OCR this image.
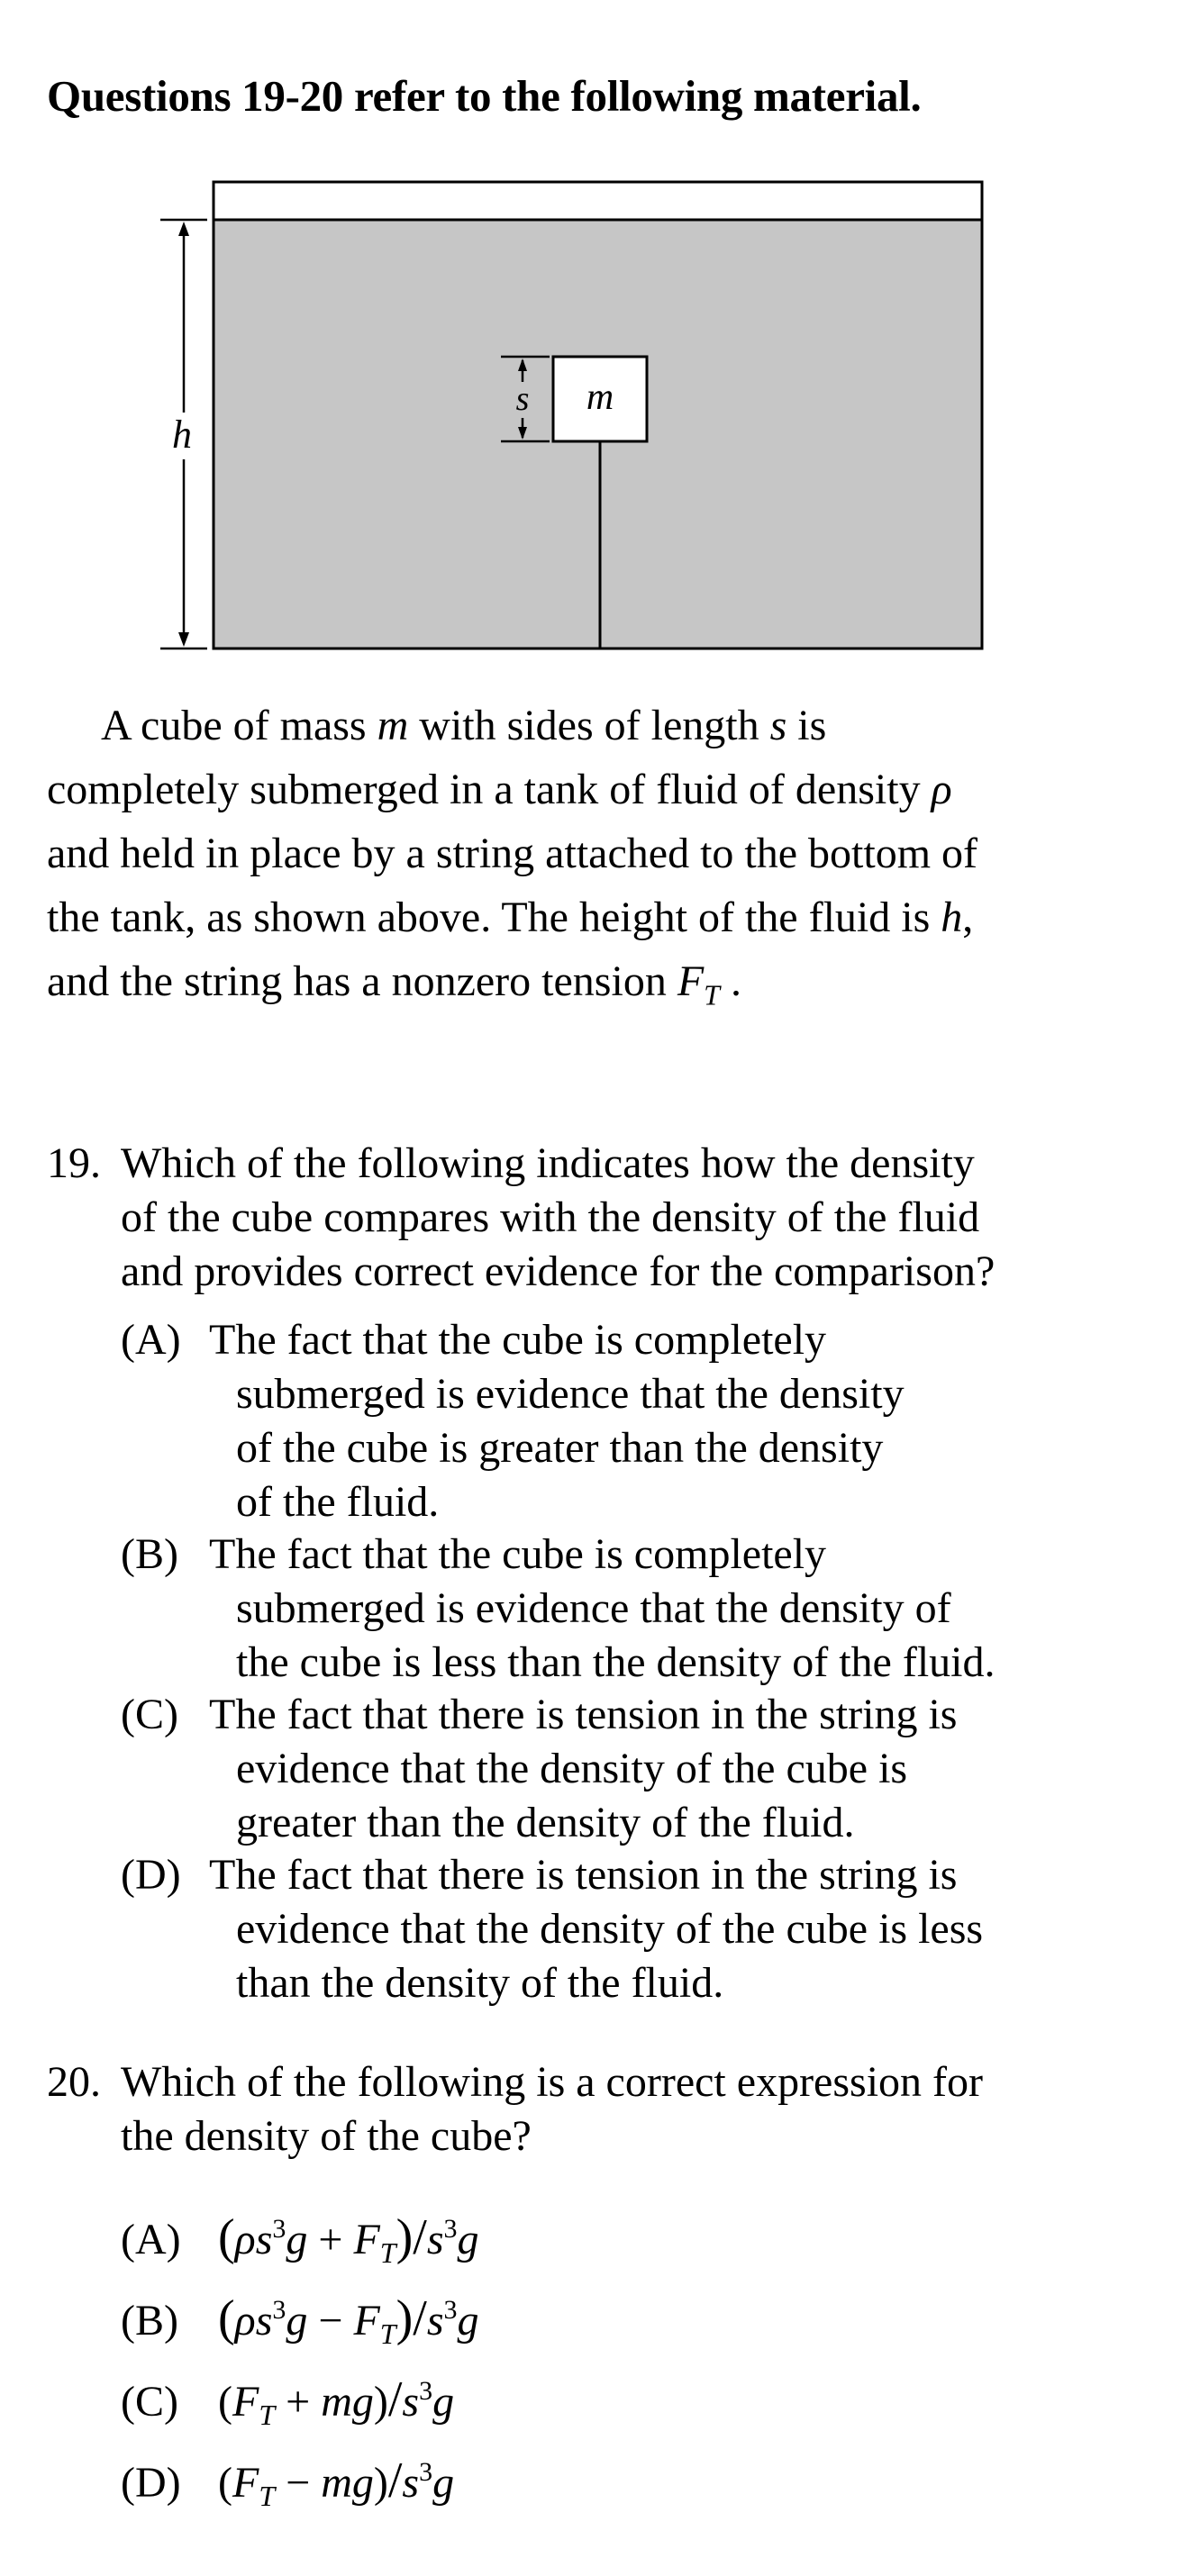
Questions 19-20 refer to the following material.
h
m
s
A cube of mass m with sides of length s is
completely submerged in a tank of fluid of density ρ
and held in place by a string attached to the bottom of
the tank, as shown above. The height of the fluid is h,
and the string has a nonzero tension $F_T$ .
19. Which of the following indicates how the density
of the cube compares with the density of the fluid
and provides correct evidence for the comparison?
(A) The fact that the cube is completely
submerged is evidence that the density
of the cube is greater than the density
of the fluid.
(B) The fact that the cube is completely
submerged is evidence that the density of
the cube is less than the density of the fluid.
(C) The fact that there is tension in the string is
evidence that the density of the cube is
greater than the density of the fluid.
(D) The fact that there is tension in the string is
evidence that the density of the cube is less
than the density of the fluid.
20. Which of the following is a correct expression for
the density of the cube?
(A) $(\rho s^3g + F_T)/s^3g$
(B) $(\rho s^3g - F_T)/s^3g$
(C) $(F_T + mg)/s^3g$
(D) $(F_T - mg)/s^3g$
